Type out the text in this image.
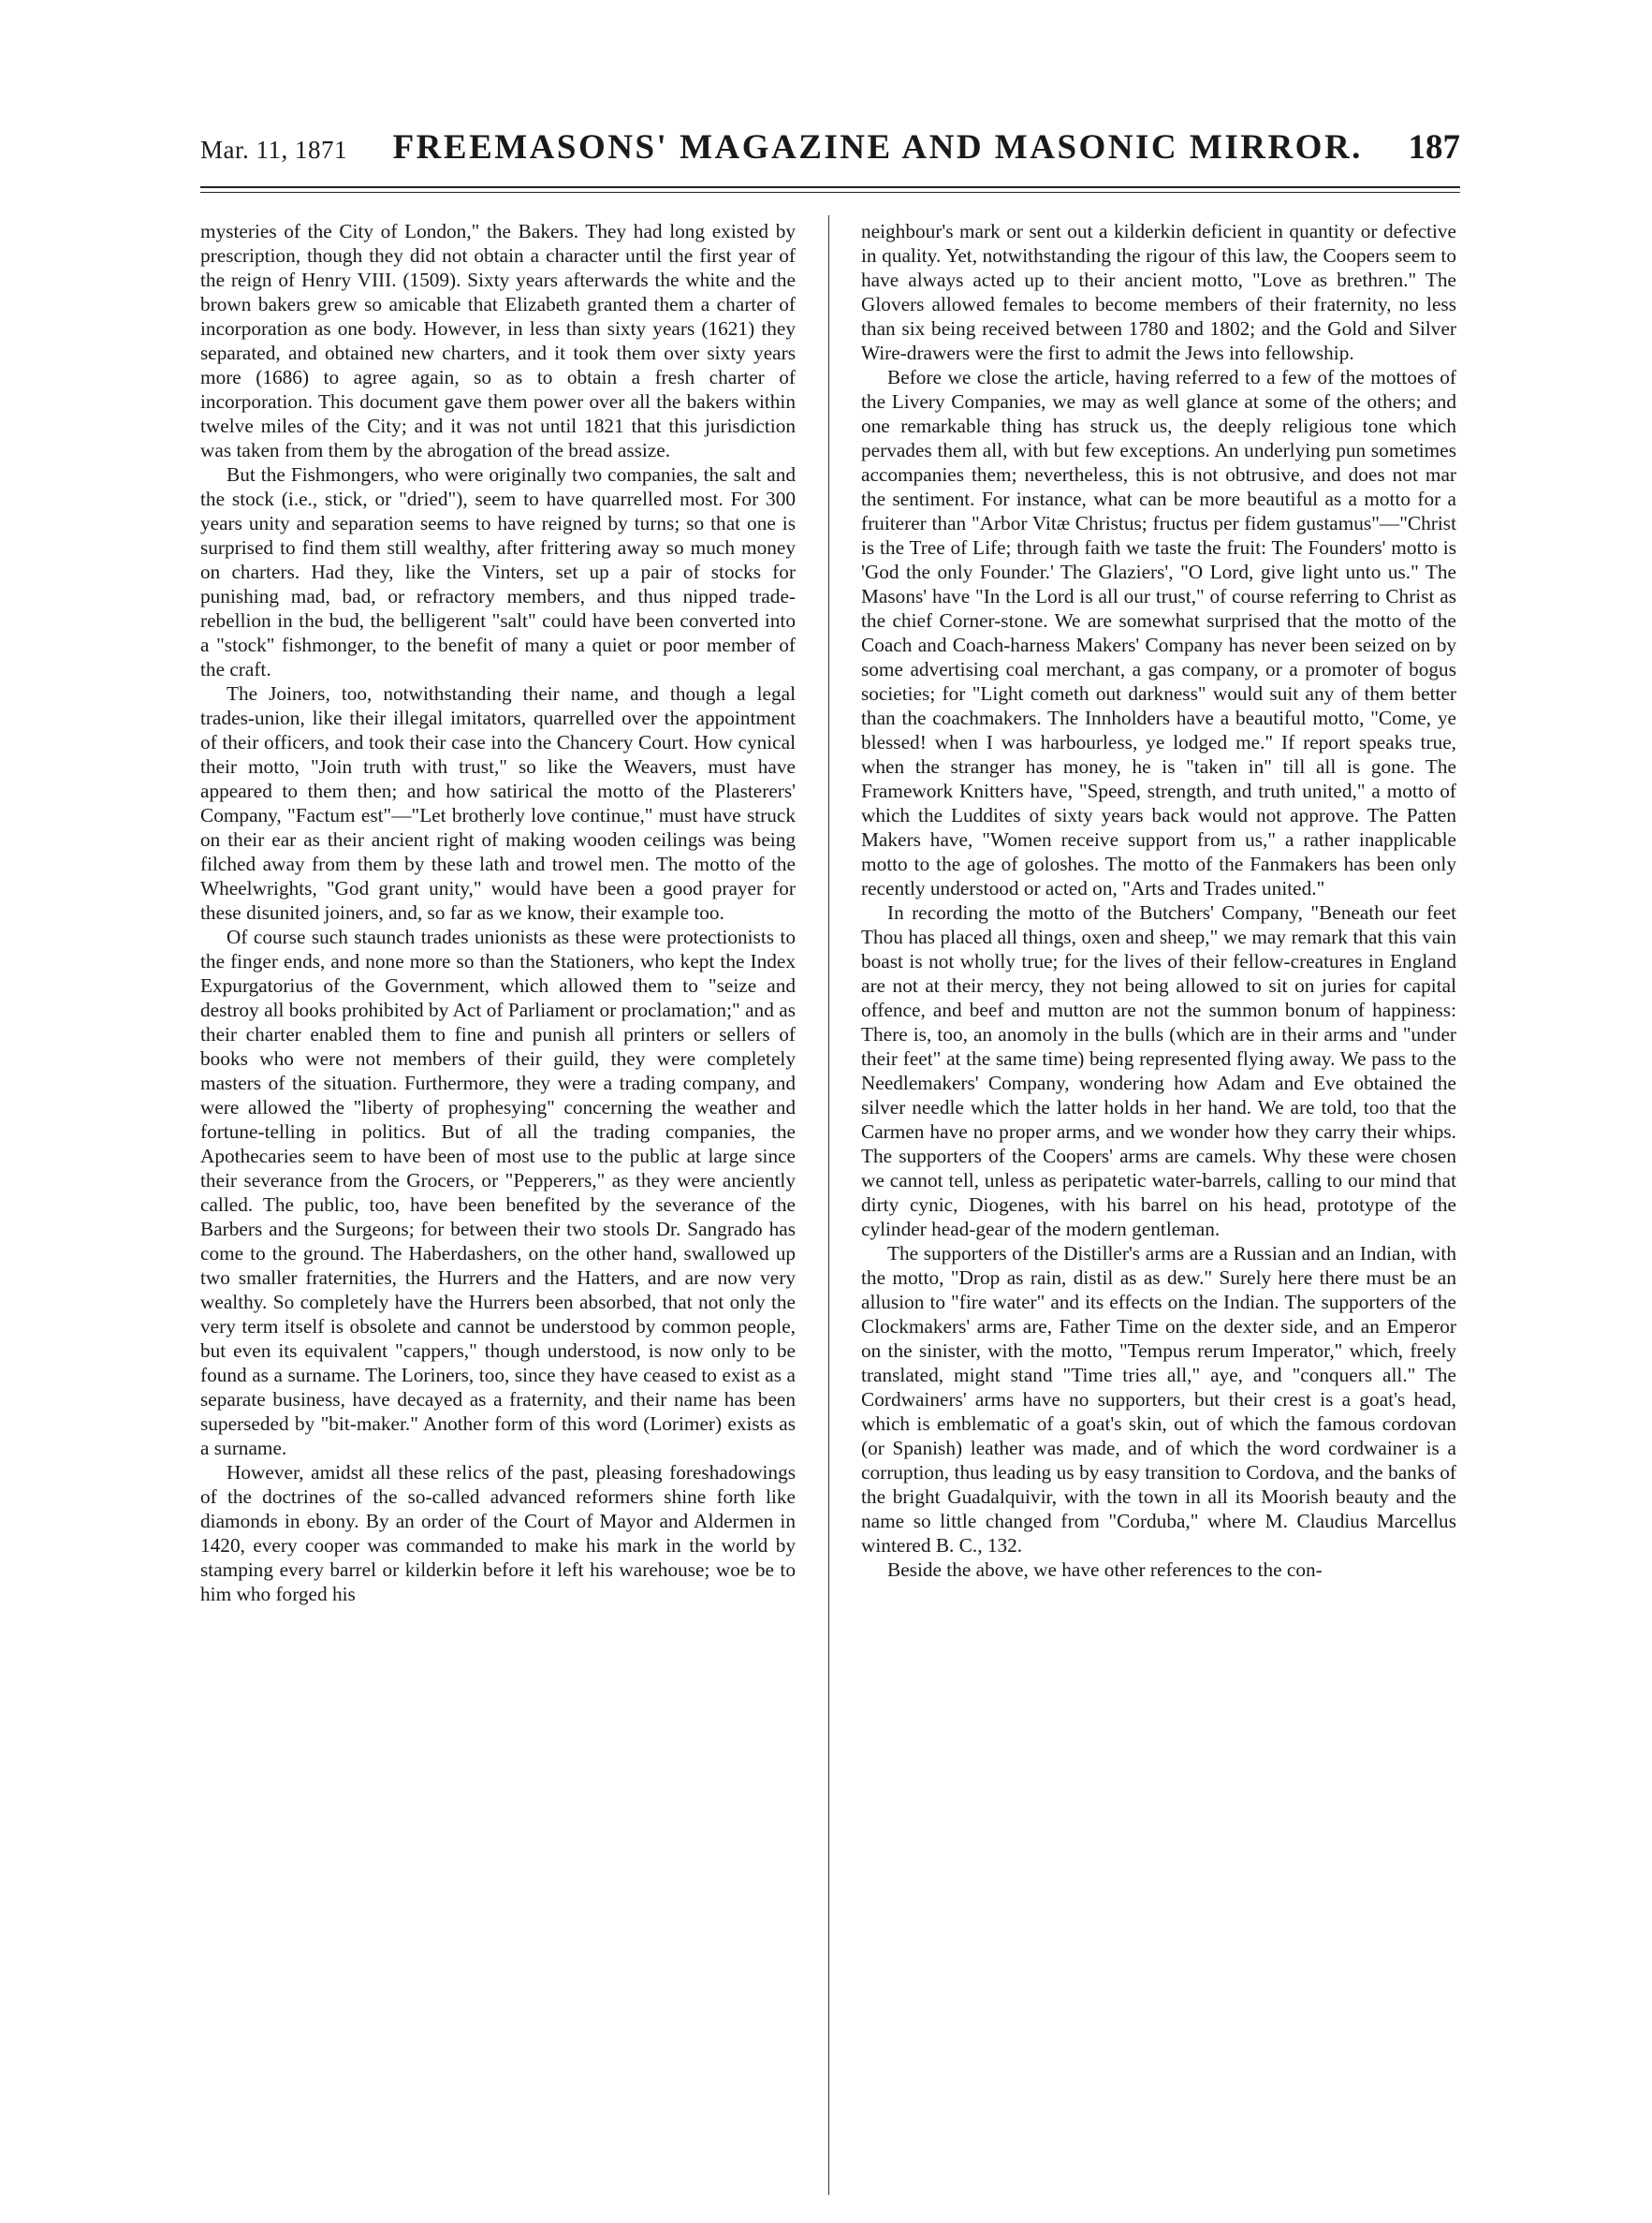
Mar. 11, 1871 FREEMASONS' MAGAZINE AND MASONIC MIRROR. 187

mysteries of the City of London," the Bakers. They had long existed by prescription, though they did not obtain a character until the first year of the reign of Henry VIII. (1509). Sixty years afterwards the white and the brown bakers grew so amicable that Elizabeth granted them a charter of incorporation as one body. However, in less than sixty years (1621) they separated, and obtained new charters, and it took them over sixty years more (1686) to agree again, so as to obtain a fresh charter of incorporation. This document gave them power over all the bakers within twelve miles of the City; and it was not until 1821 that this jurisdiction was taken from them by the abrogation of the bread assize.

But the Fishmongers, who were originally two companies, the salt and the stock (i.e., stick, or "dried"), seem to have quarrelled most. For 300 years unity and separation seems to have reigned by turns; so that one is surprised to find them still wealthy, after frittering away so much money on charters. Had they, like the Vinters, set up a pair of stocks for punishing mad, bad, or refractory members, and thus nipped trade-rebellion in the bud, the belligerent "salt" could have been converted into a "stock" fishmonger, to the benefit of many a quiet or poor member of the craft.

The Joiners, too, notwithstanding their name, and though a legal trades-union, like their illegal imitators, quarrelled over the appointment of their officers, and took their case into the Chancery Court. How cynical their motto, "Join truth with trust," so like the Weavers, must have appeared to them then; and how satirical the motto of the Plasterers' Company, "Factum est"—"Let brotherly love continue," must have struck on their ear as their ancient right of making wooden ceilings was being filched away from them by these lath and trowel men. The motto of the Wheelwrights, "God grant unity," would have been a good prayer for these disunited joiners, and, so far as we know, their example too.

Of course such staunch trades unionists as these were protectionists to the finger ends, and none more so than the Stationers, who kept the Index Expurgatorius of the Government, which allowed them to "seize and destroy all books prohibited by Act of Parliament or proclamation;" and as their charter enabled them to fine and punish all printers or sellers of books who were not members of their guild, they were completely masters of the situation. Furthermore, they were a trading company, and were allowed the "liberty of prophesying" concerning the weather and fortune-telling in politics. But of all the trading companies, the Apothecaries seem to have been of most use to the public at large since their severance from the Grocers, or "Pepperers," as they were anciently called. The public, too, have been benefited by the severance of the Barbers and the Surgeons; for between their two stools Dr. Sangrado has come to the ground. The Haberdashers, on the other hand, swallowed up two smaller fraternities, the Hurrers and the Hatters, and are now very wealthy. So completely have the Hurrers been absorbed, that not only the very term itself is obsolete and cannot be understood by common people, but even its equivalent "cappers," though understood, is now only to be found as a surname. The Loriners, too, since they have ceased to exist as a separate business, have decayed as a fraternity, and their name has been superseded by "bit-maker." Another form of this word (Lorimer) exists as a surname.

However, amidst all these relics of the past, pleasing foreshadowings of the doctrines of the so-called advanced reformers shine forth like diamonds in ebony. By an order of the Court of Mayor and Aldermen in 1420, every cooper was commanded to make his mark in the world by stamping every barrel or kilderkin before it left his warehouse; woe be to him who forged his

neighbour's mark or sent out a kilderkin deficient in quantity or defective in quality. Yet, notwithstanding the rigour of this law, the Coopers seem to have always acted up to their ancient motto, "Love as brethren." The Glovers allowed females to become members of their fraternity, no less than six being received between 1780 and 1802; and the Gold and Silver Wire-drawers were the first to admit the Jews into fellowship.

Before we close the article, having referred to a few of the mottoes of the Livery Companies, we may as well glance at some of the others; and one remarkable thing has struck us, the deeply religious tone which pervades them all, with but few exceptions. An underlying pun sometimes accompanies them; nevertheless, this is not obtrusive, and does not mar the sentiment. For instance, what can be more beautiful as a motto for a fruiterer than "Arbor Vitæ Christus; fructus per fidem gustamus"—"Christ is the Tree of Life; through faith we taste the fruit: The Founders' motto is 'God the only Founder.' The Glaziers', "O Lord, give light unto us." The Masons' have "In the Lord is all our trust," of course referring to Christ as the chief Corner-stone. We are somewhat surprised that the motto of the Coach and Coach-harness Makers' Company has never been seized on by some advertising coal merchant, a gas company, or a promoter of bogus societies; for "Light cometh out darkness" would suit any of them better than the coachmakers. The Innholders have a beautiful motto, "Come, ye blessed! when I was harbourless, ye lodged me." If report speaks true, when the stranger has money, he is "taken in" till all is gone. The Framework Knitters have, "Speed, strength, and truth united," a motto of which the Luddites of sixty years back would not approve. The Patten Makers have, "Women receive support from us," a rather inapplicable motto to the age of goloshes. The motto of the Fanmakers has been only recently understood or acted on, "Arts and Trades united."

In recording the motto of the Butchers' Company, "Beneath our feet Thou has placed all things, oxen and sheep," we may remark that this vain boast is not wholly true; for the lives of their fellow-creatures in England are not at their mercy, they not being allowed to sit on juries for capital offence, and beef and mutton are not the summon bonum of happiness: There is, too, an anomoly in the bulls (which are in their arms and "under their feet" at the same time) being represented flying away. We pass to the Needlemakers' Company, wondering how Adam and Eve obtained the silver needle which the latter holds in her hand. We are told, too that the Carmen have no proper arms, and we wonder how they carry their whips. The supporters of the Coopers' arms are camels. Why these were chosen we cannot tell, unless as peripatetic water-barrels, calling to our mind that dirty cynic, Diogenes, with his barrel on his head, prototype of the cylinder head-gear of the modern gentleman.

The supporters of the Distiller's arms are a Russian and an Indian, with the motto, "Drop as rain, distil as as dew." Surely here there must be an allusion to "fire water" and its effects on the Indian. The supporters of the Clockmakers' arms are, Father Time on the dexter side, and an Emperor on the sinister, with the motto, "Tempus rerum Imperator," which, freely translated, might stand "Time tries all," aye, and "conquers all." The Cordwainers' arms have no supporters, but their crest is a goat's head, which is emblematic of a goat's skin, out of which the famous cordovan (or Spanish) leather was made, and of which the word cordwainer is a corruption, thus leading us by easy transition to Cordova, and the banks of the bright Guadalquivir, with the town in all its Moorish beauty and the name so little changed from "Corduba," where M. Claudius Marcellus wintered B. C., 132.

Beside the above, we have other references to the con-
